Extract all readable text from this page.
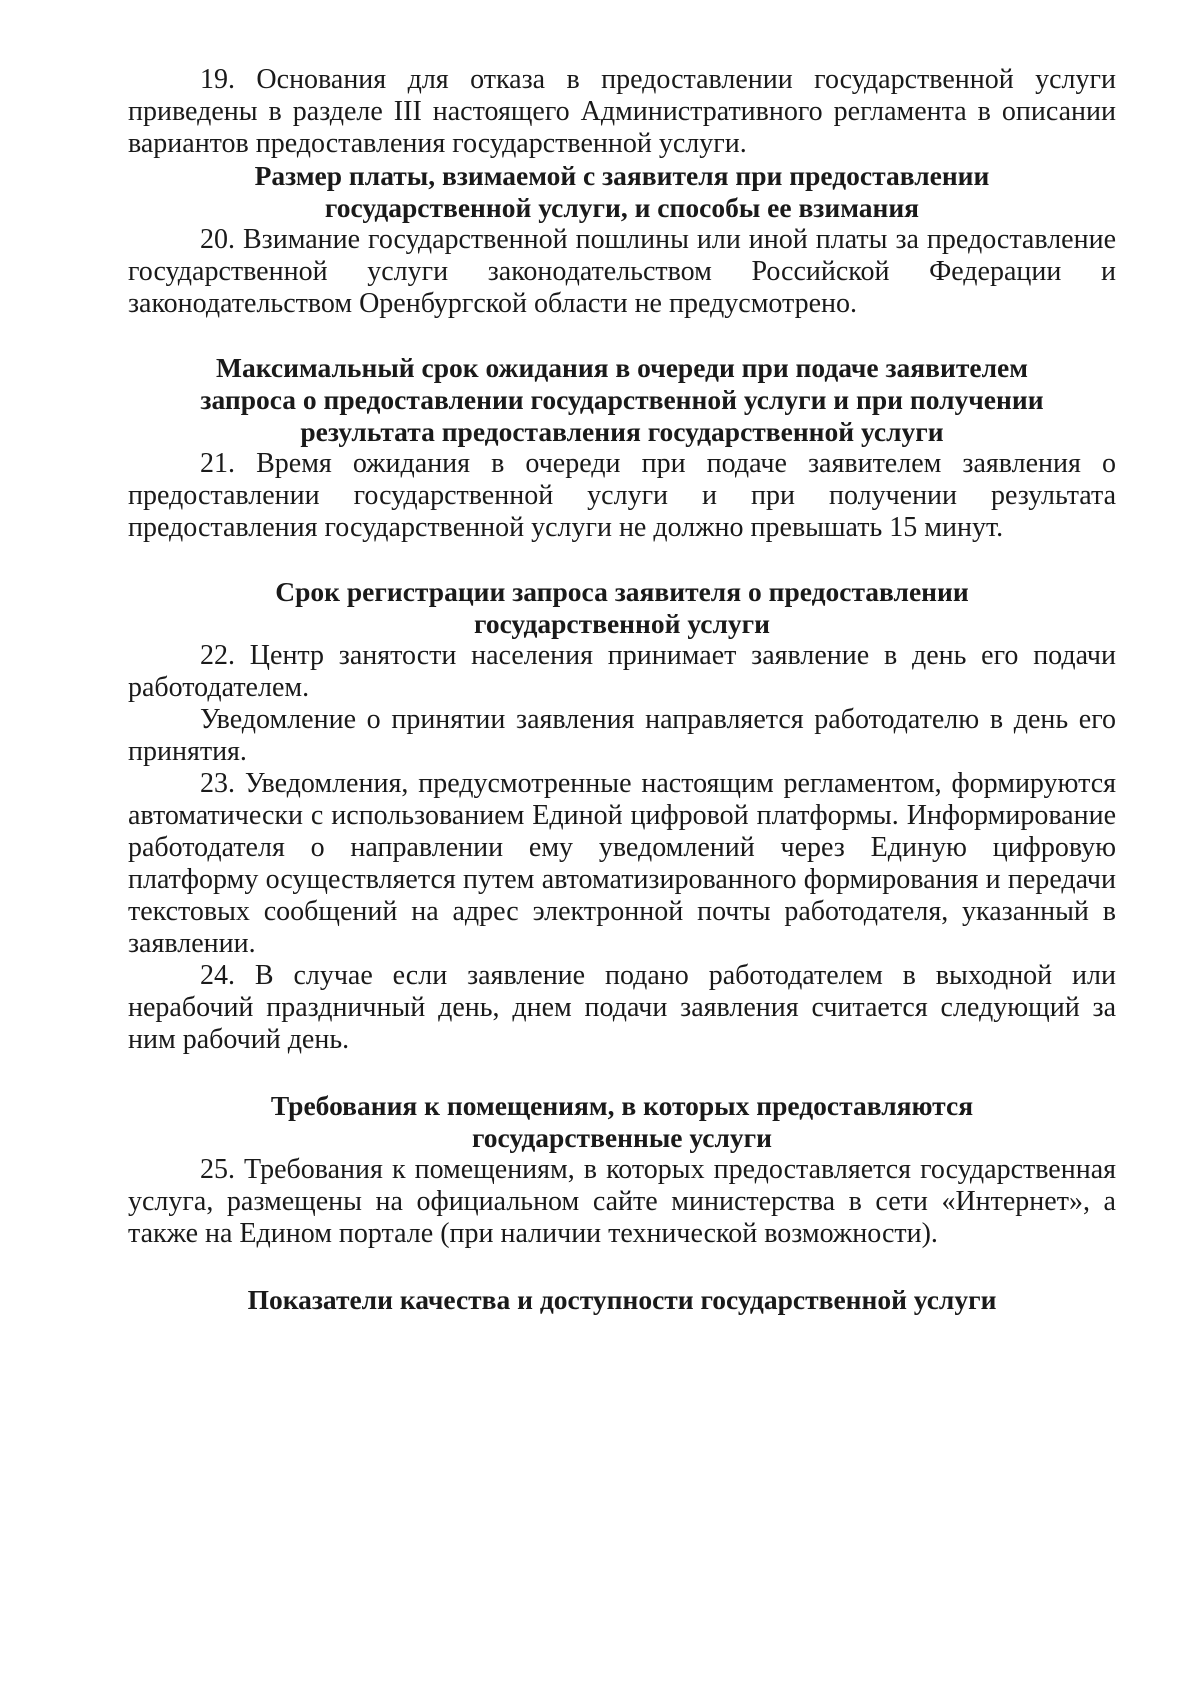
19. Основания для отказа в предоставлении государственной услуги приведены в разделе III настоящего Административного регламента в описании вариантов предоставления государственной услуги.

Размер платы, взимаемой с заявителя при предоставлении государственной услуги, и способы ее взимания

20. Взимание государственной пошлины или иной платы за предоставление государственной услуги законодательством Российской Федерации и законодательством Оренбургской области не предусмотрено.

Максимальный срок ожидания в очереди при подаче заявителем запроса о предоставлении государственной услуги и при получении результата предоставления государственной услуги

21. Время ожидания в очереди при подаче заявителем заявления о предоставлении государственной услуги и при получении результата предоставления государственной услуги не должно превышать 15 минут.

Срок регистрации запроса заявителя о предоставлении государственной услуги

22. Центр занятости населения принимает заявление в день его подачи работодателем.

Уведомление о принятии заявления направляется работодателю в день его принятия.

23. Уведомления, предусмотренные настоящим регламентом, формируются автоматически с использованием Единой цифровой платформы. Информирование работодателя о направлении ему уведомлений через Единую цифровую платформу осуществляется путем автоматизированного формирования и передачи текстовых сообщений на адрес электронной почты работодателя, указанный в заявлении.

24. В случае если заявление подано работодателем в выходной или нерабочий праздничный день, днем подачи заявления считается следующий за ним рабочий день.

Требования к помещениям, в которых предоставляются государственные услуги

25. Требования к помещениям, в которых предоставляется государственная услуга, размещены на официальном сайте министерства в сети «Интернет», а также на Едином портале (при наличии технической возможности).

Показатели качества и доступности государственной услуги
